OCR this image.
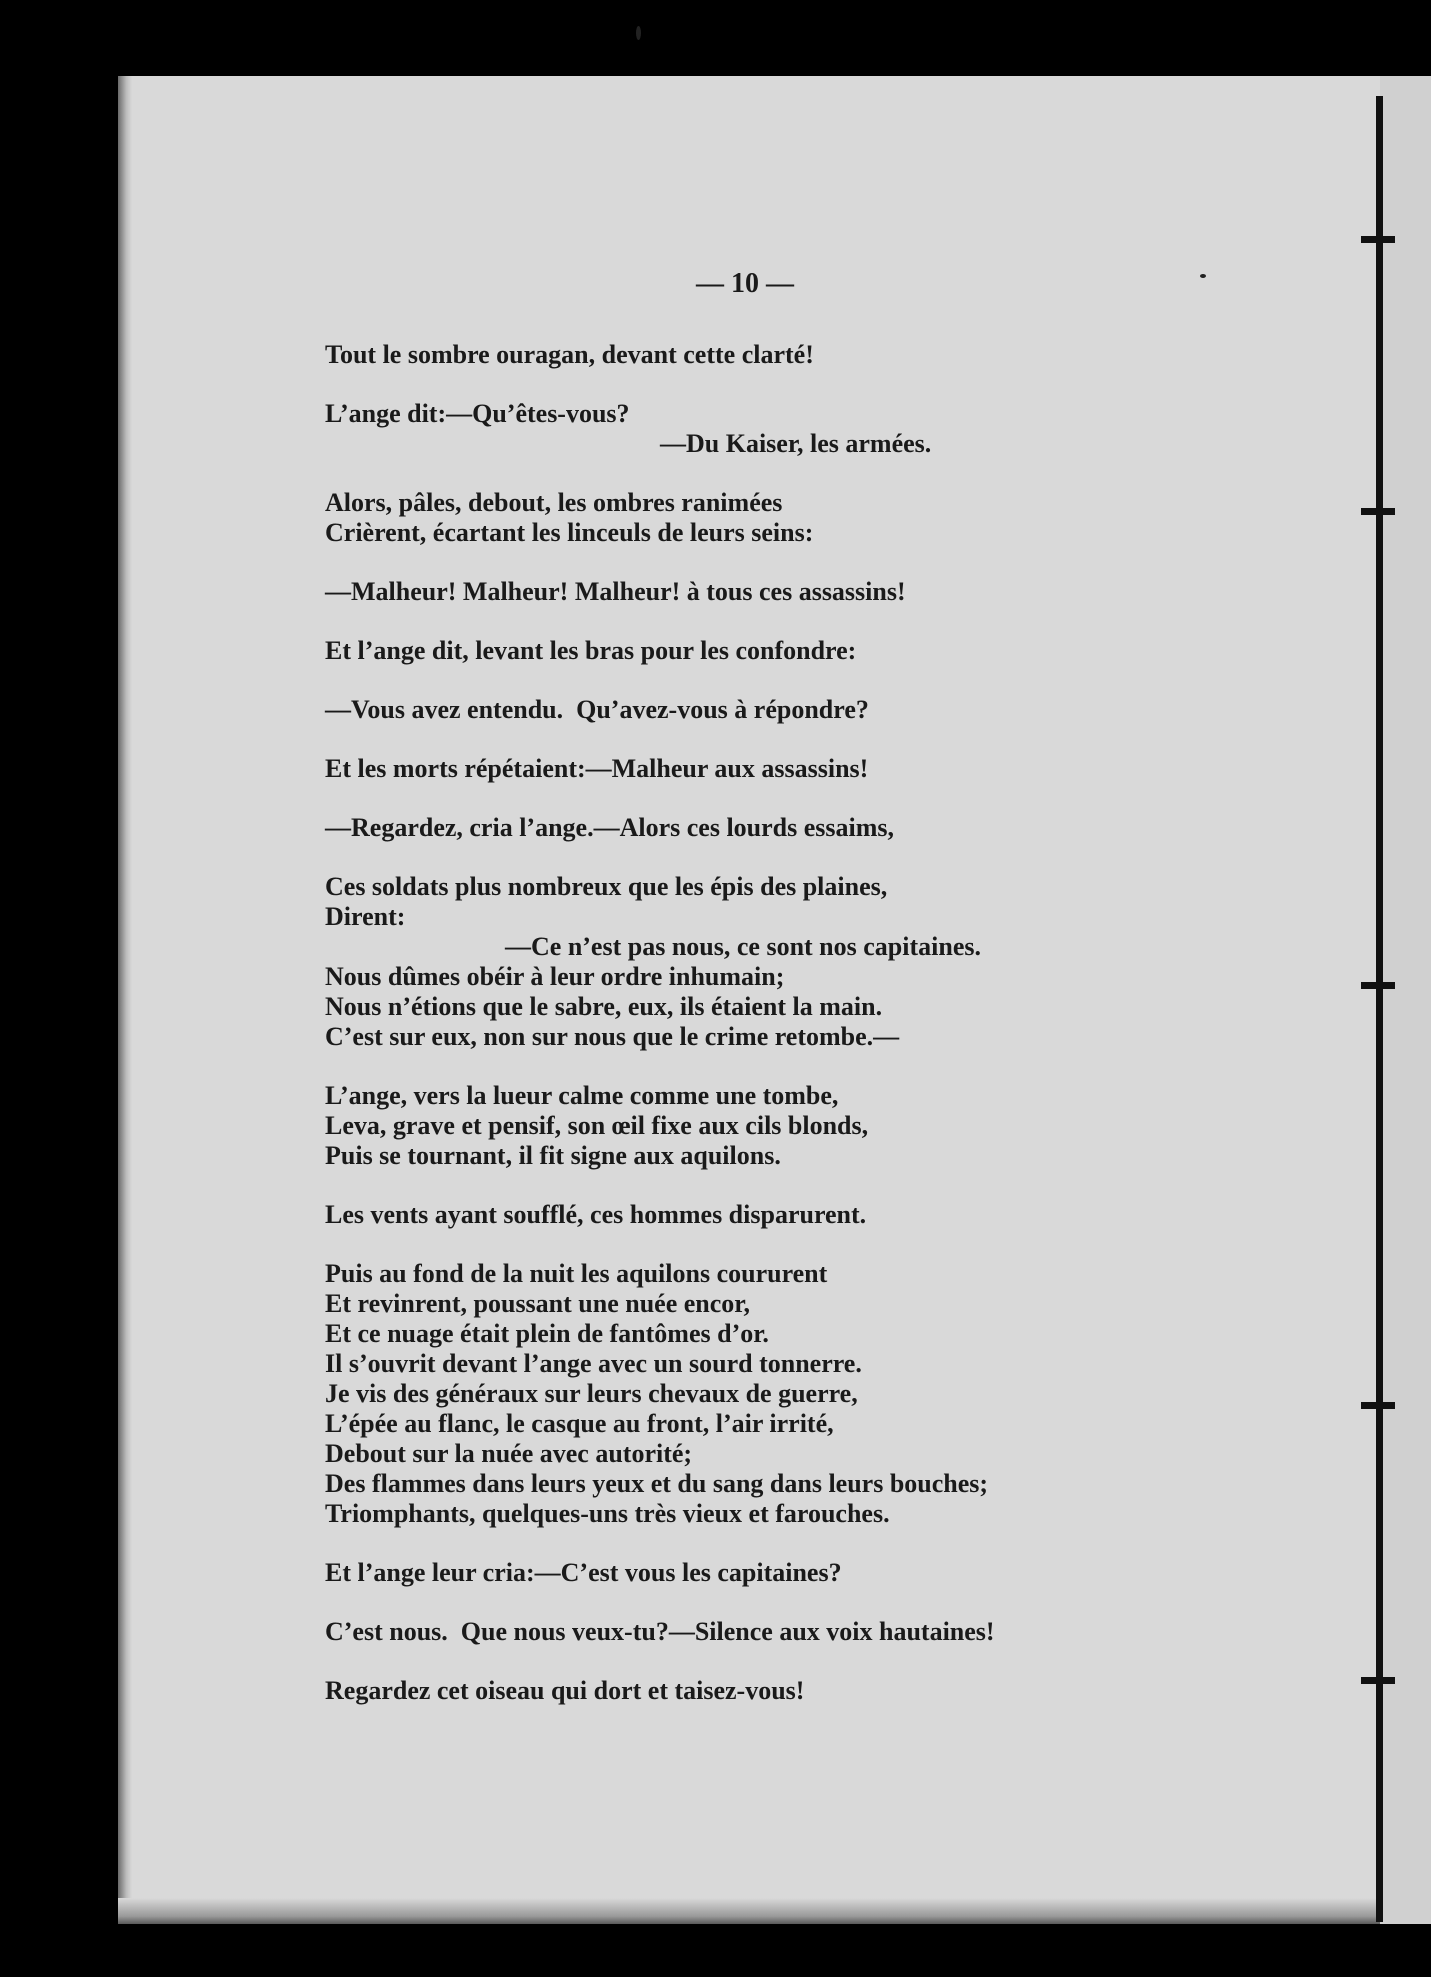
— 10 —
Tout le sombre ouragan, devant cette clarté!
L’ange dit:—Qu’êtes-vous?
—Du Kaiser, les armées.
Alors, pâles, debout, les ombres ranimées
Crièrent, écartant les linceuls de leurs seins:
—Malheur! Malheur! Malheur! à tous ces assassins!
Et l’ange dit, levant les bras pour les confondre:
—Vous avez entendu.  Qu’avez-vous à répondre?
Et les morts répétaient:—Malheur aux assassins!
—Regardez, cria l’ange.—Alors ces lourds essaims,
Ces soldats plus nombreux que les épis des plaines,
Dirent:
—Ce n’est pas nous, ce sont nos capitaines.
Nous dûmes obéir à leur ordre inhumain;
Nous n’étions que le sabre, eux, ils étaient la main.
C’est sur eux, non sur nous que le crime retombe.—
L’ange, vers la lueur calme comme une tombe,
Leva, grave et pensif, son œil fixe aux cils blonds,
Puis se tournant, il fit signe aux aquilons.
Les vents ayant soufflé, ces hommes disparurent.
Puis au fond de la nuit les aquilons coururent
Et revinrent, poussant une nuée encor,
Et ce nuage était plein de fantômes d’or.
Il s’ouvrit devant l’ange avec un sourd tonnerre.
Je vis des généraux sur leurs chevaux de guerre,
L’épée au flanc, le casque au front, l’air irrité,
Debout sur la nuée avec autorité;
Des flammes dans leurs yeux et du sang dans leurs bouches;
Triomphants, quelques-uns très vieux et farouches.
Et l’ange leur cria:—C’est vous les capitaines?
C’est nous.  Que nous veux-tu?—Silence aux voix hautaines!
Regardez cet oiseau qui dort et taisez-vous!
